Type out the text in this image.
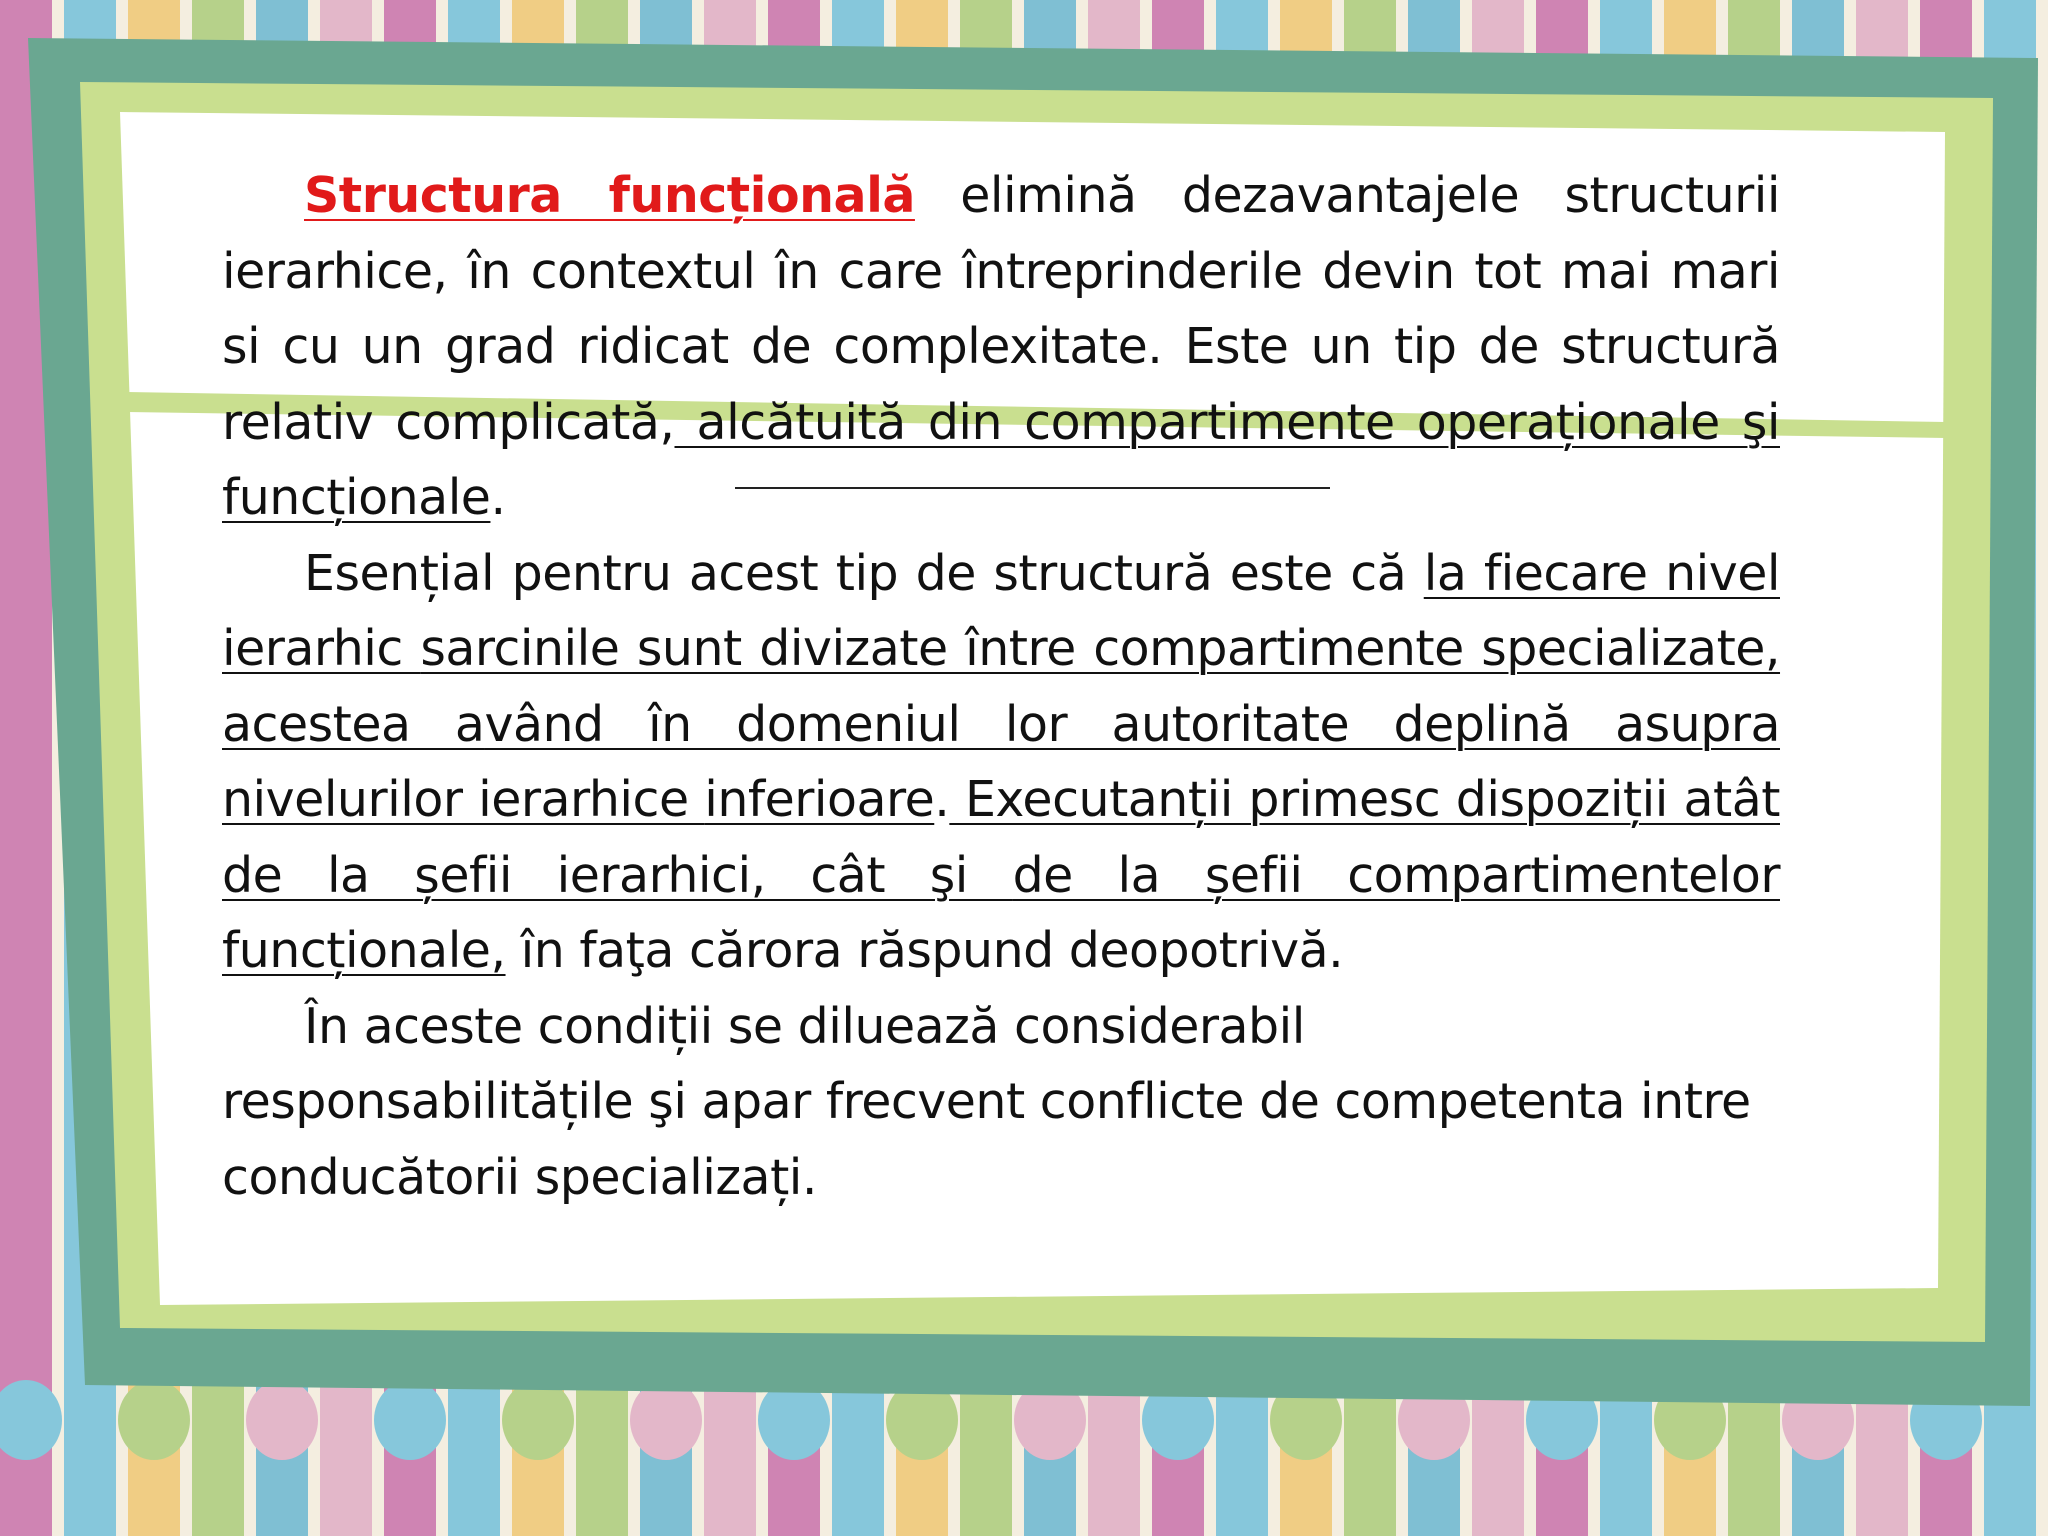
Structura funcțională elimină dezavantajele structurii ierarhice, în contextul în care întreprinderile devin tot mai mari si cu un grad ridicat de complexitate. Este un tip de structură relativ complicată, alcătuită din compartimente operaționale şi funcționale.

Esențial pentru acest tip de structură este că la fiecare nivel ierarhic sarcinile sunt divizate între compartimente specializate, acestea având în domeniul lor autoritate deplină asupra nivelurilor ierarhice inferioare. Executanții primesc dispoziții atât de la șefii ierarhici, cât şi de la șefii compartimentelor funcționale, în faţa cărora răspund deopotrivă.

În aceste condiții se diluează considerabil

responsabilitățile şi apar frecvent conflicte de competenta intre
conducătorii specializați.
